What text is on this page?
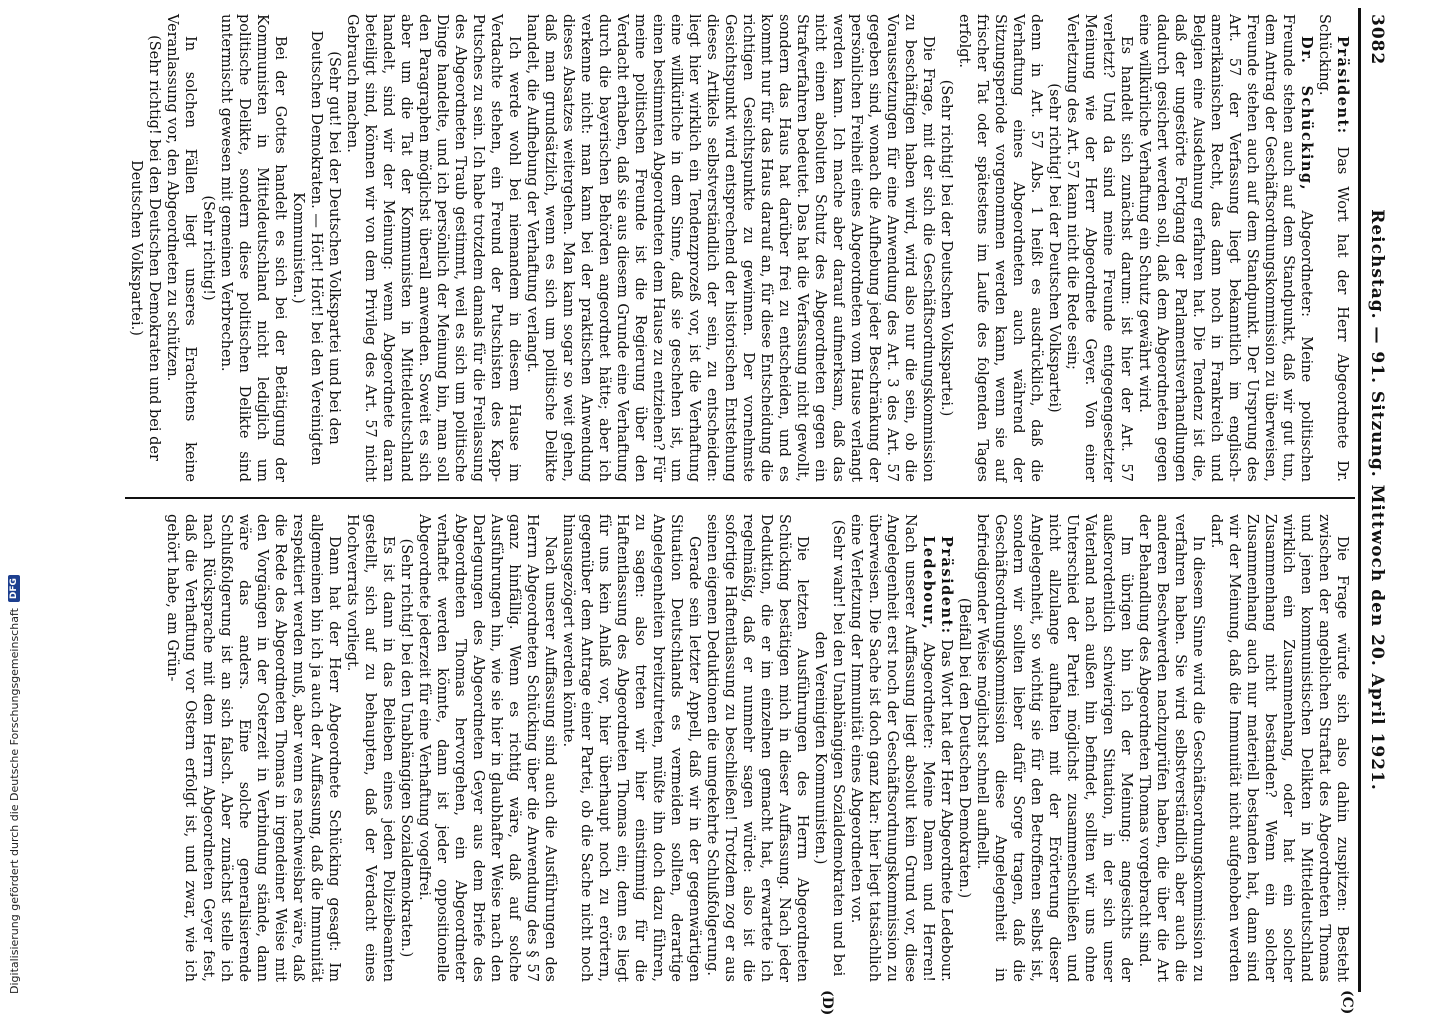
3082
Reichstag. — 91. Sitzung. Mittwoch den 20. April 1921.
(C)
(D)

Präsident: Das Wort hat der Herr Abgeordnete Dr. Schücking.

Dr. Schücking, Abgeordneter: Meine politischen Freunde stehen auch auf dem Standpunkt, daß wir gut tun, dem Antrag der Geschäftsordnungskommission zu überweisen, Freunde stehen auch auf dem Standpunkt. Der Ursprung des Art. 57 der Verfassung liegt bekanntlich im englisch-amerikanischen Recht, das dann noch in Frankreich und Belgien eine Ausdehnung erfahren hat. Die Tendenz ist die, daß der ungestörte Fortgang der Parlamentsverhandlungen dadurch gesichert werden soll, daß dem Abgeordneten gegen eine willkürliche Verhaftung ein Schutz gewährt wird.

Es handelt sich zunächst darum: ist hier der Art. 57 verletzt? Und da sind meine Freunde entgegengesetzter Meinung wie der Herr Abgeordnete Geyer. Von einer Verletzung des Art. 57 kann nicht die Rede sein;

(sehr richtig! bei der Deutschen Volkspartei)

denn in Art. 57 Abs. 1 heißt es ausdrücklich, daß die Verhaftung eines Abgeordneten auch während der Sitzungsperiode vorgenommen werden kann, wenn sie auf frischer Tat oder spätestens im Laufe des folgenden Tages erfolgt.

(Sehr richtig! bei der Deutschen Volkspartei.)

Die Frage, mit der sich die Geschäftsordnungskommission zu beschäftigen haben wird, wird also nur die sein, ob die Voraussetzungen für eine Anwendung des Art. 3 des Art. 57 gegeben sind, wonach die Aufhebung jeder Beschränkung der persönlichen Freiheit eines Abgeordneten vom Hause verlangt werden kann. Ich mache aber darauf aufmerksam, daß das nicht einen absoluten Schutz des Abgeordneten gegen ein Strafverfahren bedeutet. Das hat die Verfassung nicht gewollt, sondern das Haus hat darüber frei zu entscheiden, und es kommt nur für das Haus darauf an, für diese Entscheidung die richtigen Gesichtspunkte zu gewinnen. Der vornehmste Gesichtspunkt wird entsprechend der historischen Entstehung dieses Artikels selbstverständlich der sein, zu entscheiden: liegt hier wirklich ein Tendenzprozeß vor, ist die Verhaftung eine willkürliche in dem Sinne, daß sie geschehen ist, um einen bestimmten Abgeordneten dem Hause zu entziehen? Für meine politischen Freunde ist die Regierung über den Verdacht erhaben, daß sie aus diesem Grunde eine Verhaftung durch die bayerischen Behörden angeordnet hätte; aber ich verkenne nicht: man kann bei der praktischen Anwendung dieses Absatzes weitergehen. Man kann sogar so weit gehen, daß man grundsätzlich, wenn es sich um politische Delikte handelt, die Aufhebung der Verhaftung verlangt.

Ich werde wohl bei niemandem in diesem Hause im Verdachte stehen, ein Freund der Putschisten des Kapp-Putsches zu sein. Ich habe trotzdem damals für die Freilassung des Abgeordneten Traub gestimmt, weil es sich um politische Dinge handelte, und ich persönlich der Meinung bin, man soll den Paragraphen möglichst überall anwenden. Soweit es sich aber um die Tat der Kommunisten in Mitteldeutschland handelt, sind wir der Meinung: wenn Abgeordnete daran beteiligt sind, können wir von dem Privileg des Art. 57 nicht Gebrauch machen.

(Sehr gut! bei der Deutschen Volkspartei und bei den Deutschen Demokraten. — Hört! Hört! bei den Vereinigten Kommunisten.)

Bei der Gottes handelt es sich bei der Betätigung der Kommunisten in Mitteldeutschland nicht lediglich um politische Delikte, sondern diese politischen Delikte sind untermischt gewesen mit gemeinen Verbrechen.

(Sehr richtig!)

In solchen Fällen liegt unseres Erachtens keine Veranlassung vor, den Abgeordneten zu schützen.

(Sehr richtig! bei den Deutschen Demokraten und bei der Deutschen Volkspartei.)

Die Frage würde sich also dahin zuspitzen: Besteht zwischen der angeblichen Straftat des Abgeordneten Thomas und jenen kommunistischen Delikten in Mitteldeutschland wirklich ein Zusammenhang, oder hat ein solcher Zusammenhang nicht bestanden? Wenn ein solcher Zusammenhang auch nur materiell bestanden hat, dann sind wir der Meinung, daß die Immunität nicht aufgehoben werden darf.

In diesem Sinne wird die Geschäftsordnungskommission zu verfahren haben. Sie wird selbstverständlich aber auch die anderen Beschwerden nachzuprüfen haben, die über die Art der Behandlung des Abgeordneten Thomas vorgebracht sind.

Im übrigen bin ich der Meinung: angesichts der außerordentlich schwierigen Situation, in der sich unser Vaterland nach außen hin befindet, sollten wir uns ohne Unterschied der Partei möglichst zusammenschließen und nicht allzulange aufhalten mit der Erörterung dieser Angelegenheit, so wichtig sie für den Betroffenen selbst ist, sondern wir sollten lieber dafür Sorge tragen, daß die Geschäftsordnungskommission diese Angelegenheit in befriedigender Weise möglichst schnell aufhellt.

(Beifall bei den Deutschen Demokraten.)

Präsident: Das Wort hat der Herr Abgeordnete Ledebour.

Ledebour, Abgeordneter: Meine Damen und Herren! Nach unserer Auffassung liegt absolut kein Grund vor, diese Angelegenheit erst noch der Geschäftsordnungskommission zu überweisen. Die Sache ist doch ganz klar: hier liegt tatsächlich eine Verletzung der Immunität eines Abgeordneten vor.

(Sehr wahr! bei den Unabhängigen Sozialdemokraten und bei den Vereinigten Kommunisten.)

Die letzten Ausführungen des Herrn Abgeordneten Schücking bestätigen mich in dieser Auffassung. Nach jeder Deduktion, die er im einzelnen gemacht hat, erwartete ich regelmäßig, daß er nunmehr sagen würde: also ist die sofortige Haftentlassung zu beschließen! Trotzdem zog er aus seinen eigenen Deduktionen die umgekehrte Schlußfolgerung.

Gerade sein letzter Appell, daß wir in der gegenwärtigen Situation Deutschlands es vermeiden sollten, derartige Angelegenheiten breitzutreten, müßte ihn doch dazu führen, zu sagen: also treten wir hier einstimmig für die Haftentlassung des Abgeordneten Thomas ein; denn es liegt für uns kein Anlaß vor, hier überhaupt noch zu erörtern, gegenüber dem Antrage einer Partei, ob die Sache nicht noch hinausgezögert werden könnte.

Nach unserer Auffassung sind auch die Ausführungen des Herrn Abgeordneten Schücking über die Anwendung des § 57 ganz hinfällig. Wenn es richtig wäre, daß auf solche Ausführungen hin, wie sie hier in glaubhafter Weise nach den Darlegungen des Abgeordneten Geyer aus dem Briefe des Abgeordneten Thomas hervorgehen, ein Abgeordneter verhaftet werden könnte, dann ist jeder oppositionelle Abgeordnete jederzeit für eine Verhaftung vogelfrei.

(Sehr richtig! bei den Unabhängigen Sozialdemokraten.)

Es ist dann in das Belieben eines jeden Polizeibeamten gestellt, sich auf zu behaupten, daß der Verdacht eines Hochverrats vorliegt.

Dann hat der Herr Abgeordnete Schücking gesagt: Im allgemeinen bin ich ja auch der Auffassung, daß die Immunität respektiert werden muß, aber wenn es nachweisbar wäre, daß die Rede des Abgeordneten Thomas in irgendeiner Weise mit den Vorgängen in der Osterzeit in Verbindung stände, dann wäre das anders. Eine solche generalisierende Schlußfolgerung ist an sich falsch. Aber zunächst stelle ich nach Rücksprache mit dem Herrn Abgeordneten Geyer fest, daß die Verhaftung vor Ostern erfolgt ist, und zwar, wie ich gehört habe, am Grün-

Digitalisierung gefördert durch die Deutsche Forschungsgemeinschaft
DFG
